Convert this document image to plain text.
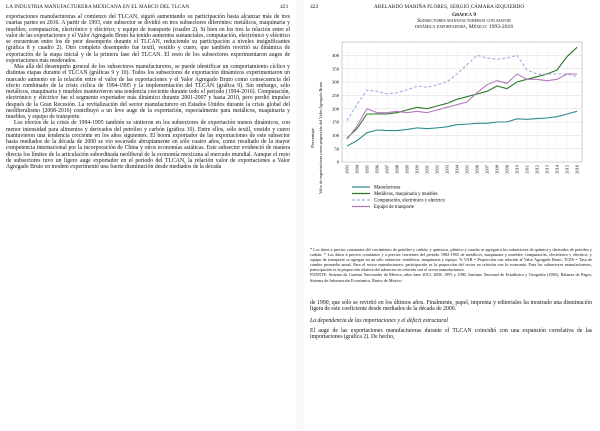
LA INDUSTRIA MANUFACTURERA MEXICANA EN EL MARCO DEL TLCAN	421

exportaciones manufactureras al comienzo del TLCAN, siguió aumentando su participación hasta alcanzar más de tres cuartas partes en 2016. A partir de 1993, este subsector se dividió en tres subsectores diferentes: metálicos, maquinaria y muebles; computación, electrónico y eléctrico; y equipo de transporte (cuadro 2). Si bien en los tres la relación entre el valor de las exportaciones y el Valor Agregado Bruto ha tenido aumentos sustanciales, computación, electrónico y eléctrico se encuentran entre los de peor desempeño durante el TLCAN, reduciendo su participación a niveles insignificantes (gráfica 8 y cuadro 2). Otro completo desempeño fue textil, vestido y cuero, que también revirtió su dinámica de exportación de la etapa inicial y de la primera fase del TLCAN. El resto de los subsectores experimentaron auges de exportaciones más moderados.

Más allá del desempeño general de los subsectores manufactureros, se puede identificar un comportamiento cíclico y distintas etapas durante el TLCAN (gráficas 9 y 10). Todos los subsectores de exportación dinámicos experimentaron un marcado aumento en la relación entre el valor de las exportaciones y el Valor Agregado Bruto como consecuencia del efecto combinado de la crisis cíclica de 1994-1995 y la implementación del TLCAN (gráfica 9). Sin embargo, sólo metálicos, maquinaria y muebles mantuvieron una tendencia creciente durante todo el periodo (1994-2016). Computación, electrónico y eléctrico fue el segmento exportador más dinámico durante 2001-2007 y hasta 2010, pero perdió impulso después de la Gran Recesión. La revitalización del sector manufacturero en Estados Unidos durante la crisis global del neoliberalismo (2008-2016) contribuyó a un leve auge de la exportación, especialmente para metálicos, maquinaria y muebles, y equipo de transporte.

Los efectos de la crisis de 1994-1995 también se sintieron en los subsectores de exportación menos dinámicos, con menor intensidad para alimentos y derivados del petróleo y carbón (gráfica 10). Entre ellos, sólo textil, vestido y cuero mantuvieron una tendencia creciente en los años siguientes. El boom exportador de las exportaciones de este subsector hasta mediados de la década de 2000 se vio socavado abruptamente en sólo cuatro años, como resultado de la mayor competencia internacional por la incorporación de China y otros economías asiáticas. Este subsector evidenció de manera directa los límites de la articulación subordinada neoliberal de la economía mexicana al mercado mundial. Aunque el resto de subsectores tuvo un ligero auge exportador en el periodo del TLCAN, la relación valor de exportaciones a Valor Agregado Bruto en modem experimentó una fuerte disminución desde mediados de la década

422	ABELARDO MARIÑA FLORES, SERGIO CÁMARA IZQUIERDO
Gráfica 9
Subsectores manufactureros con mayor
dinámica exportadora, México: 1993-2016
0
50
100
150
200
250
300
350
400
1993 1994 1995 1996 1997 1998 1999 2000 2001 2002 2003 2004 2005 2006 2007 2008 2009 2010 2011 2012 2013 2014 2015 2016
Manufacturas
Metálicos, maquinaria y muebles
Computación, electrónico y eléctrico
Equipo de transporte
Porcentaje Valor de exportaciones como proporción del Valor Agregado Bruto

* Los datos a precios constantes del crecimiento de petróleo y carbón; y químicos, plástico y caucho se agregan a los subsectores de química y derivados de petróleo y carbón. * Los datos a precios constantes y a precios corrientes del periodo 1982-1993 de metálicos, maquinaria y muebles; computación, electrónico y eléctrico; y equipo de transporte se agregan en un sólo subsector: metálicos, maquinaria y equipo. % VAB = Proporción con relación al Valor Agregado Bruto; TCPA = Tasa de cambio promedio anual. Para el sector manufacturero, participación es la proporción del sector en relación con la economía. Para los subsectores manufactureros, participación es la proporción relativa del subsector en relación con el sector manufacturero.

FUENTE: Sistema de Cuentas Nacionales de México, años base 2013, 2008, 1993 y 1980, Instituto Nacional de Estadística y Geografía (1982); Balanza de Pagos, Sistema de Información Económica, Banco de México.

de 1990, que sólo se revirtió en los últimos años. Finalmente, papel, imprenta y editoriales ha mostrado una disminución ligera de este coeficiente desde mediados de la década de 2000.

La dependencia de las importaciones y el déficit estructural

El auge de las exportaciones manufactureras durante el TLCAN coincidió con una expansión correlativa de las importaciones (gráfica 2). De hecho,
